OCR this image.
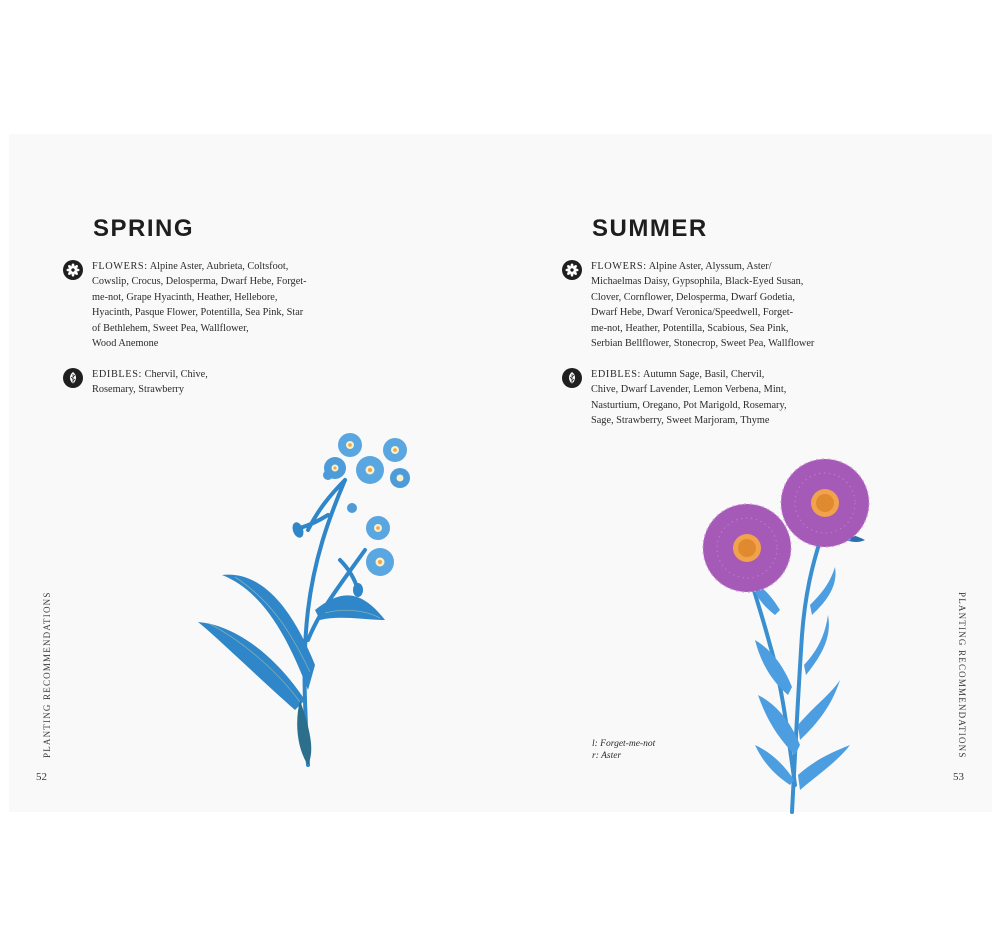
SPRING
FLOWERS: Alpine Aster, Aubrieta, Coltsfoot,
Cowslip, Crocus, Delosperma, Dwarf Hebe, Forget-
me-not, Grape Hyacinth, Heather, Hellebore,
Hyacinth, Pasque Flower, Potentilla, Sea Pink, Star
of Bethlehem, Sweet Pea, Wallflower,
Wood Anemone
EDIBLES: Chervil, Chive,
Rosemary, Strawberry
PLANTING RECOMMENDATIONS
52
SUMMER
FLOWERS: Alpine Aster, Alyssum, Aster/
Michaelmas Daisy, Gypsophila, Black-Eyed Susan,
Clover, Cornflower, Delosperma, Dwarf Godetia,
Dwarf Hebe, Dwarf Veronica/Speedwell, Forget-
me-not, Heather, Potentilla, Scabious, Sea Pink,
Serbian Bellflower, Stonecrop, Sweet Pea, Wallflower
EDIBLES: Autumn Sage, Basil, Chervil,
Chive, Dwarf Lavender, Lemon Verbena, Mint,
Nasturtium, Oregano, Pot Marigold, Rosemary,
Sage, Strawberry, Sweet Marjoram, Thyme
l: Forget-me-not
r: Aster	PLANTING RECOMMENDATIONS
53
